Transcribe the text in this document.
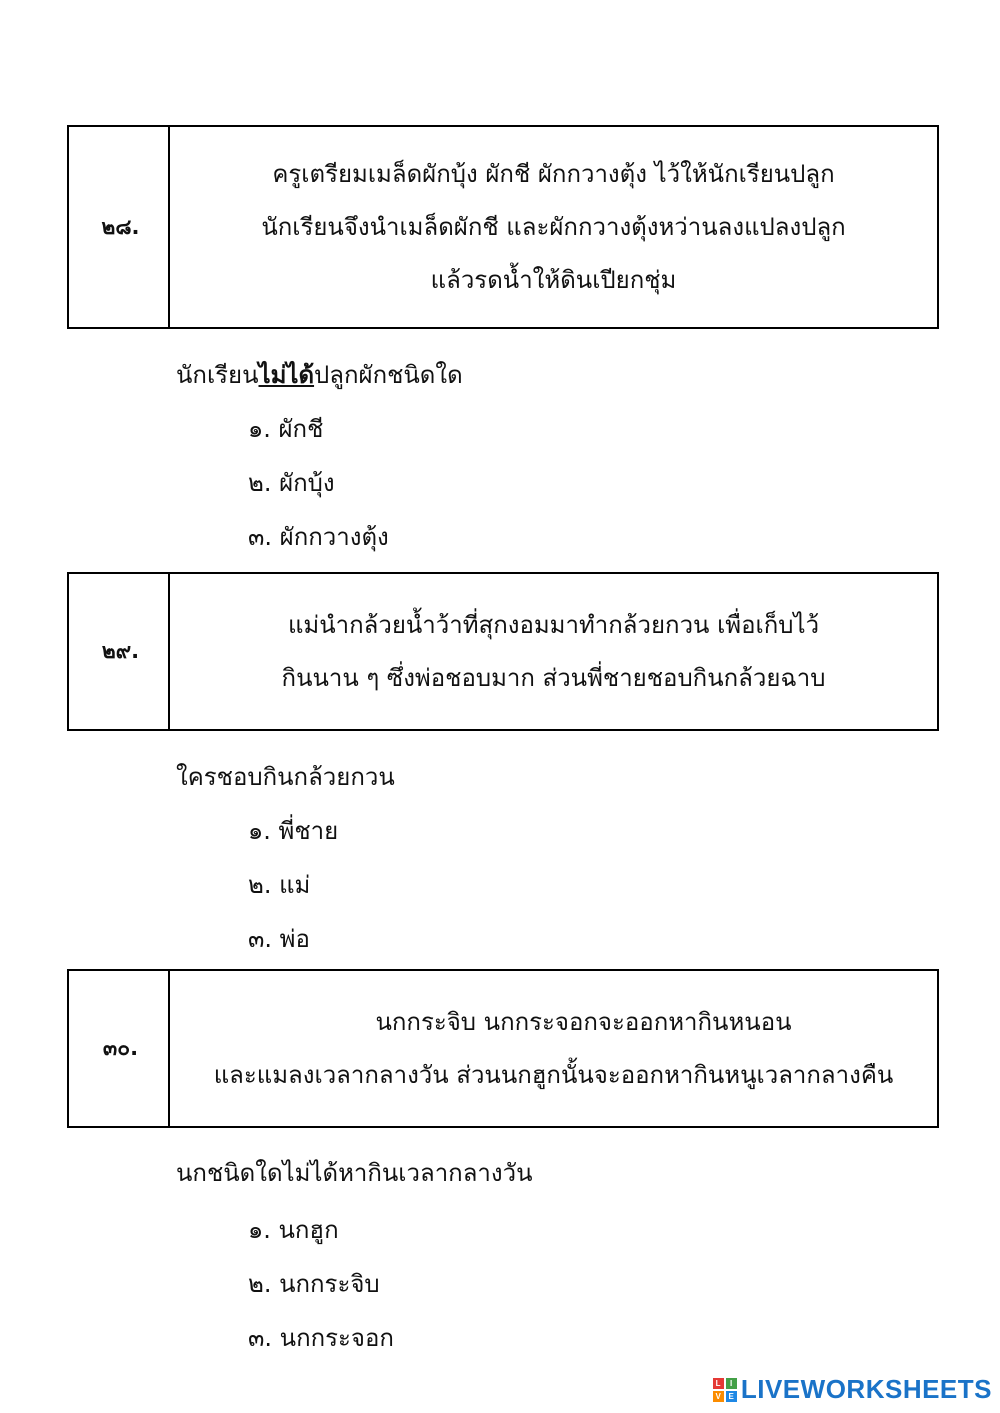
๒๘.
ครูเตรียมเมล็ดผักบุ้ง ผักชี ผักกวางตุ้ง ไว้ให้นักเรียนปลูก
นักเรียนจึงนำเมล็ดผักชี และผักกวางตุ้งหว่านลงแปลงปลูก
แล้วรดน้ำให้ดินเปียกชุ่ม
นักเรียนไม่ได้ปลูกผักชนิดใด
๑. ผักชี
๒. ผักบุ้ง
๓. ผักกวางตุ้ง
๒๙.
แม่นำกล้วยน้ำว้าที่สุกงอมมาทำกล้วยกวน เพื่อเก็บไว้
กินนาน ๆ ซึ่งพ่อชอบมาก ส่วนพี่ชายชอบกินกล้วยฉาบ
ใครชอบกินกล้วยกวน
๑. พี่ชาย
๒. แม่
๓. พ่อ
๓๐.
นกกระจิบ นกกระจอกจะออกหากินหนอน
และแมลงเวลากลางวัน ส่วนนกฮูกนั้นจะออกหากินหนูเวลากลางคืน
นกชนิดใดไม่ได้หากินเวลากลางวัน
๑. นกฮูก
๒. นกกระจิบ
๓. นกกระจอก
L	I
V E LIVE WORKSHEETS
